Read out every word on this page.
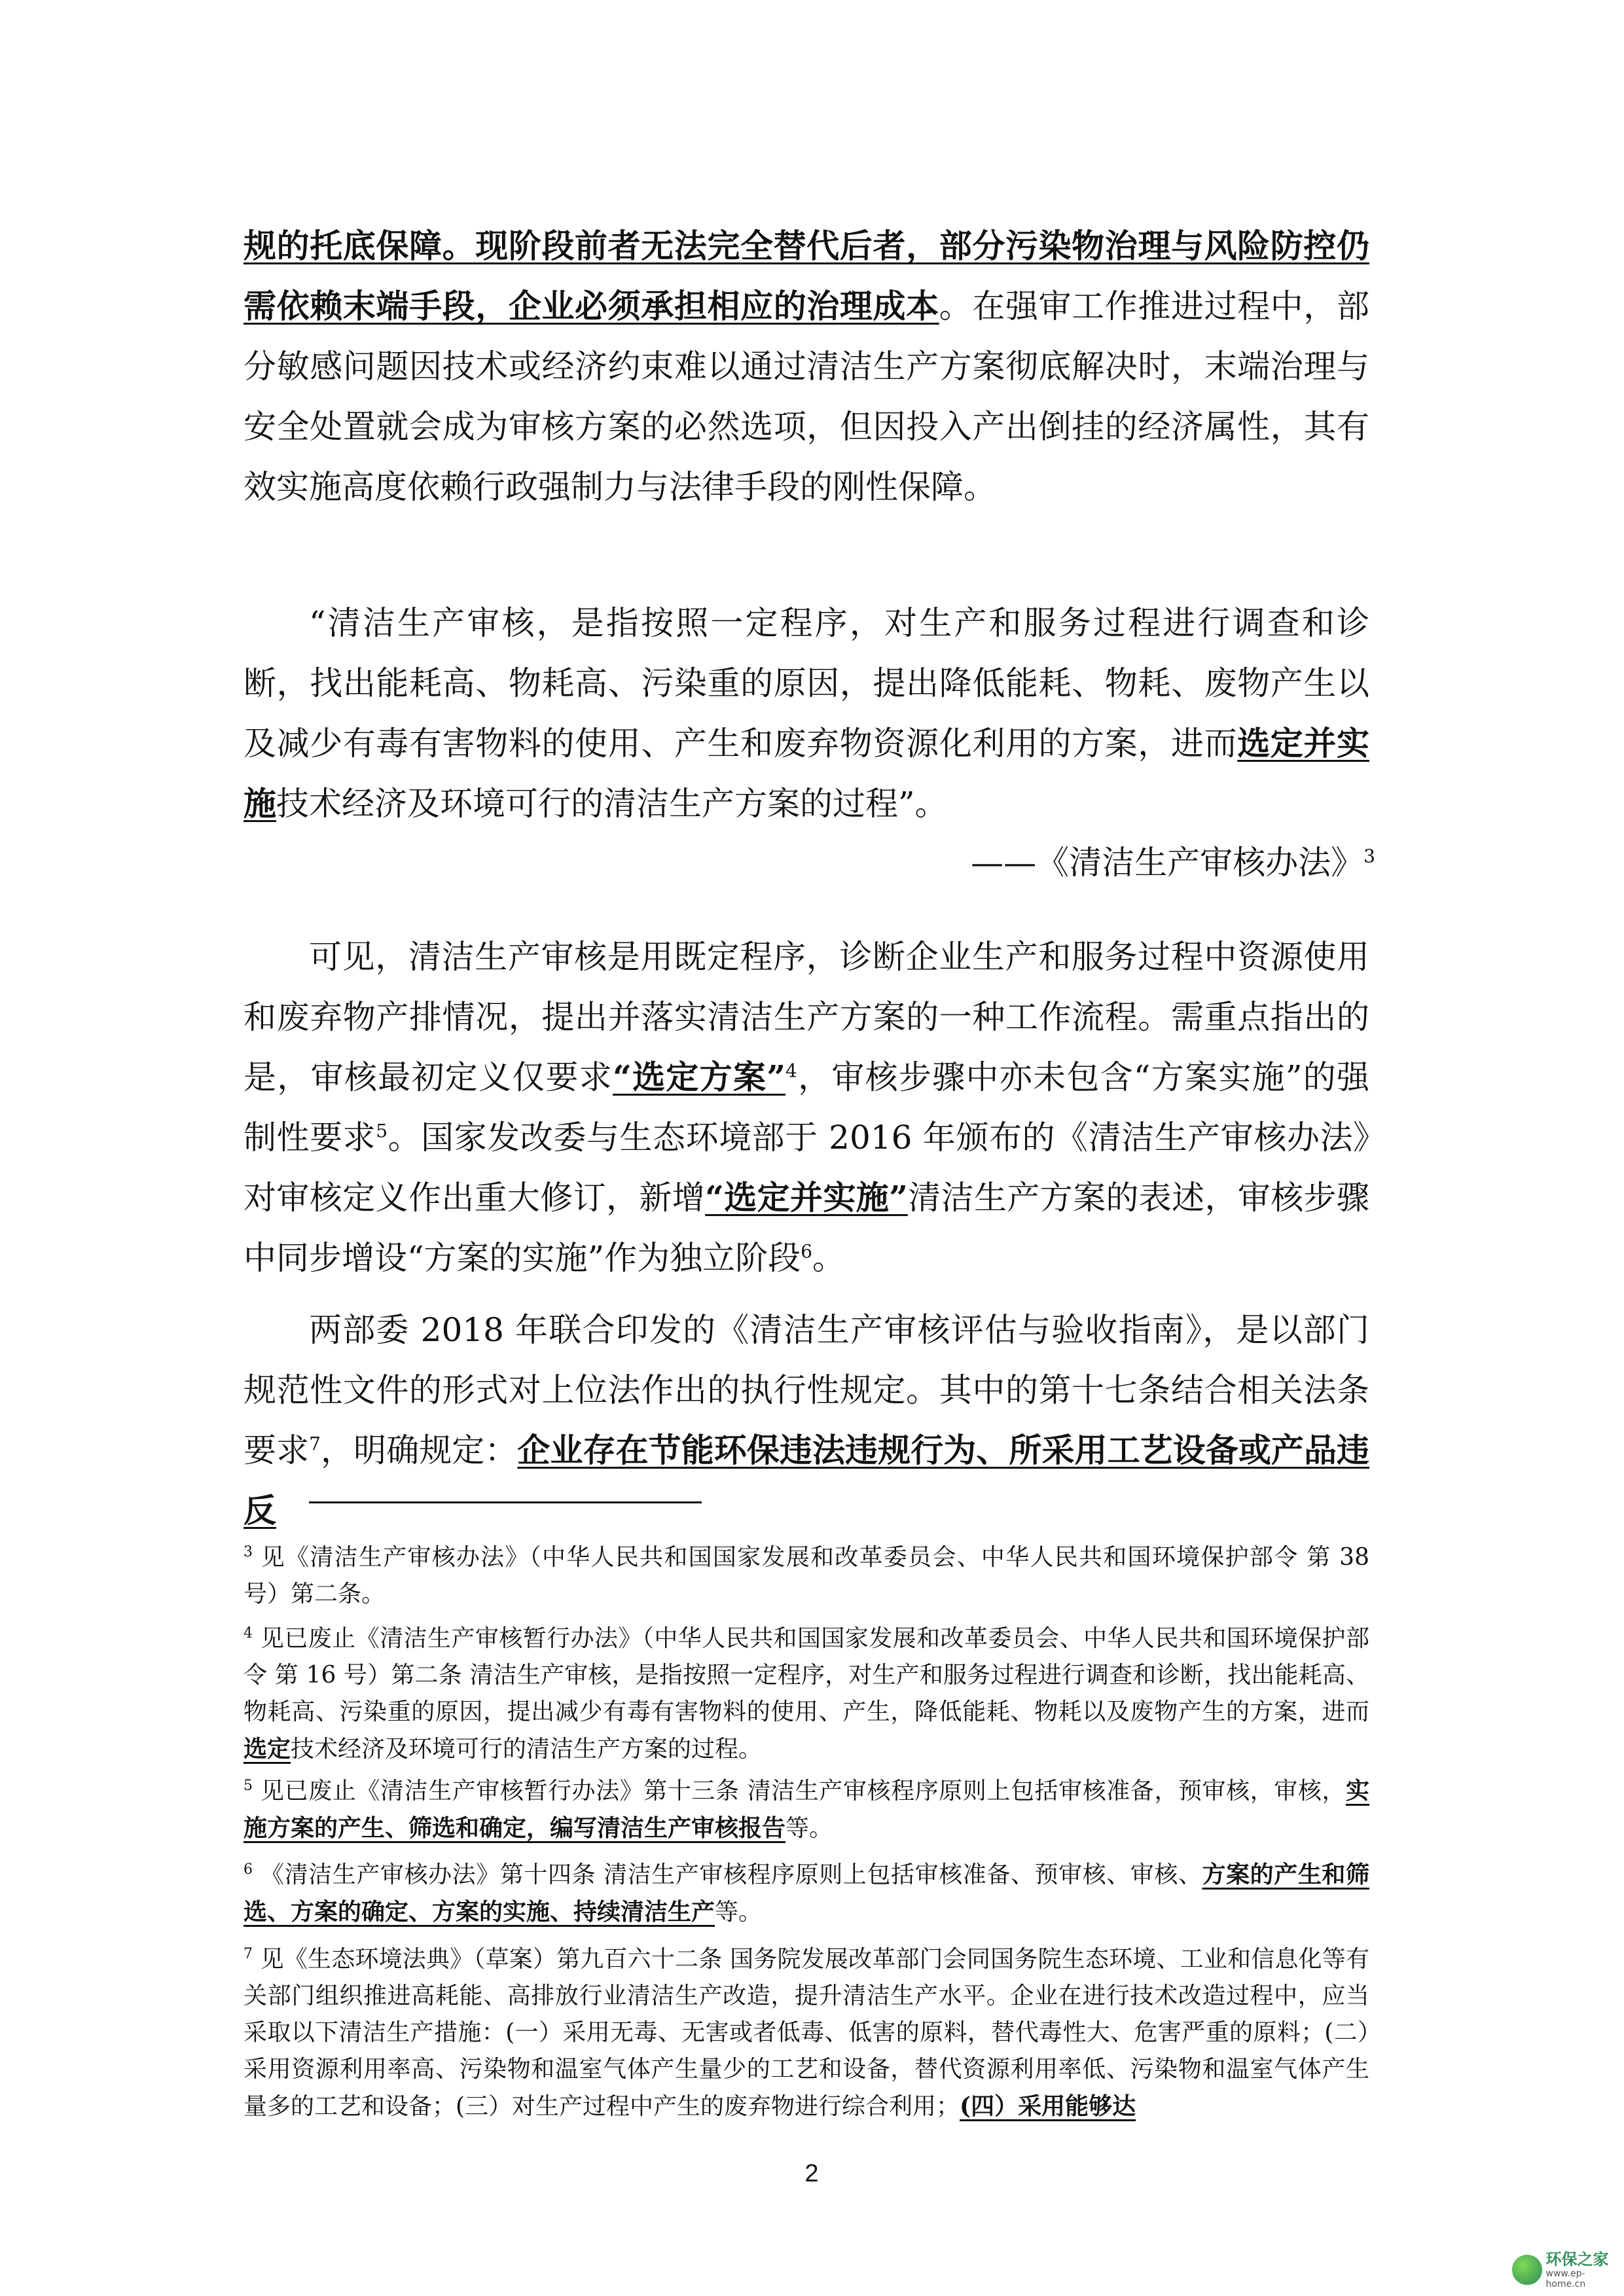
规的托底保障。现阶段前者无法完全替代后者，部分污染物治理与风险防控仍需依赖末端手段，企业必须承担相应的治理成本。在强审工作推进过程中，部分敏感问题因技术或经济约束难以通过清洁生产方案彻底解决时，末端治理与安全处置就会成为审核方案的必然选项，但因投入产出倒挂的经济属性，其有效实施高度依赖行政强制力与法律手段的刚性保障。

“清洁生产审核，是指按照一定程序，对生产和服务过程进行调查和诊断，找出能耗高、物耗高、污染重的原因，提出降低能耗、物耗、废物产生以及减少有毒有害物料的使用、产生和废弃物资源化利用的方案，进而选定并实施技术经济及环境可行的清洁生产方案的过程”。

——《清洁生产审核办法》$^3$

可见，清洁生产审核是用既定程序，诊断企业生产和服务过程中资源使用和废弃物产排情况，提出并落实清洁生产方案的一种工作流程。需重点指出的是，审核最初定义仅要求“选定方案”$^4$，审核步骤中亦未包含“方案实施”的强制性要求$^5$。国家发改委与生态环境部于 2016 年颁布的《清洁生产审核办法》对审核定义作出重大修订，新增“选定并实施”清洁生产方案的表述，审核步骤中同步增设“方案的实施”作为独立阶段$^6$。

两部委 2018 年联合印发的《清洁生产审核评估与验收指南》，是以部门规范性文件的形式对上位法作出的执行性规定。其中的第十七条结合相关法条要求$^7$，明确规定：企业存在节能环保违法违规行为、所采用工艺设备或产品违反

$^3$ 见《清洁生产审核办法》（中华人民共和国国家发展和改革委员会、中华人民共和国环境保护部令 第 38 号）第二条。

$^4$ 见已废止《清洁生产审核暂行办法》（中华人民共和国国家发展和改革委员会、中华人民共和国环境保护部令 第 16 号）第二条 清洁生产审核，是指按照一定程序，对生产和服务过程进行调查和诊断，找出能耗高、物耗高、污染重的原因，提出减少有毒有害物料的使用、产生，降低能耗、物耗以及废物产生的方案，进而选定技术经济及环境可行的清洁生产方案的过程。

$^5$ 见已废止《清洁生产审核暂行办法》第十三条 清洁生产审核程序原则上包括审核准备，预审核，审核，实施方案的产生、筛选和确定，编写清洁生产审核报告等。

$^6$ 《清洁生产审核办法》第十四条 清洁生产审核程序原则上包括审核准备、预审核、审核、方案的产生和筛选、方案的确定、方案的实施、持续清洁生产等。

$^7$ 见《生态环境法典》（草案）第九百六十二条 国务院发展改革部门会同国务院生态环境、工业和信息化等有关部门组织推进高耗能、高排放行业清洁生产改造，提升清洁生产水平。企业在进行技术改造过程中，应当采取以下清洁生产措施：(一）采用无毒、无害或者低毒、低害的原料，替代毒性大、危害严重的原料；(二）采用资源利用率高、污染物和温室气体产生量少的工艺和设备，替代资源利用率低、污染物和温室气体产生量多的工艺和设备；(三）对生产过程中产生的废弃物进行综合利用；(四）采用能够达

2

环保之家
www.ep-home.cn
